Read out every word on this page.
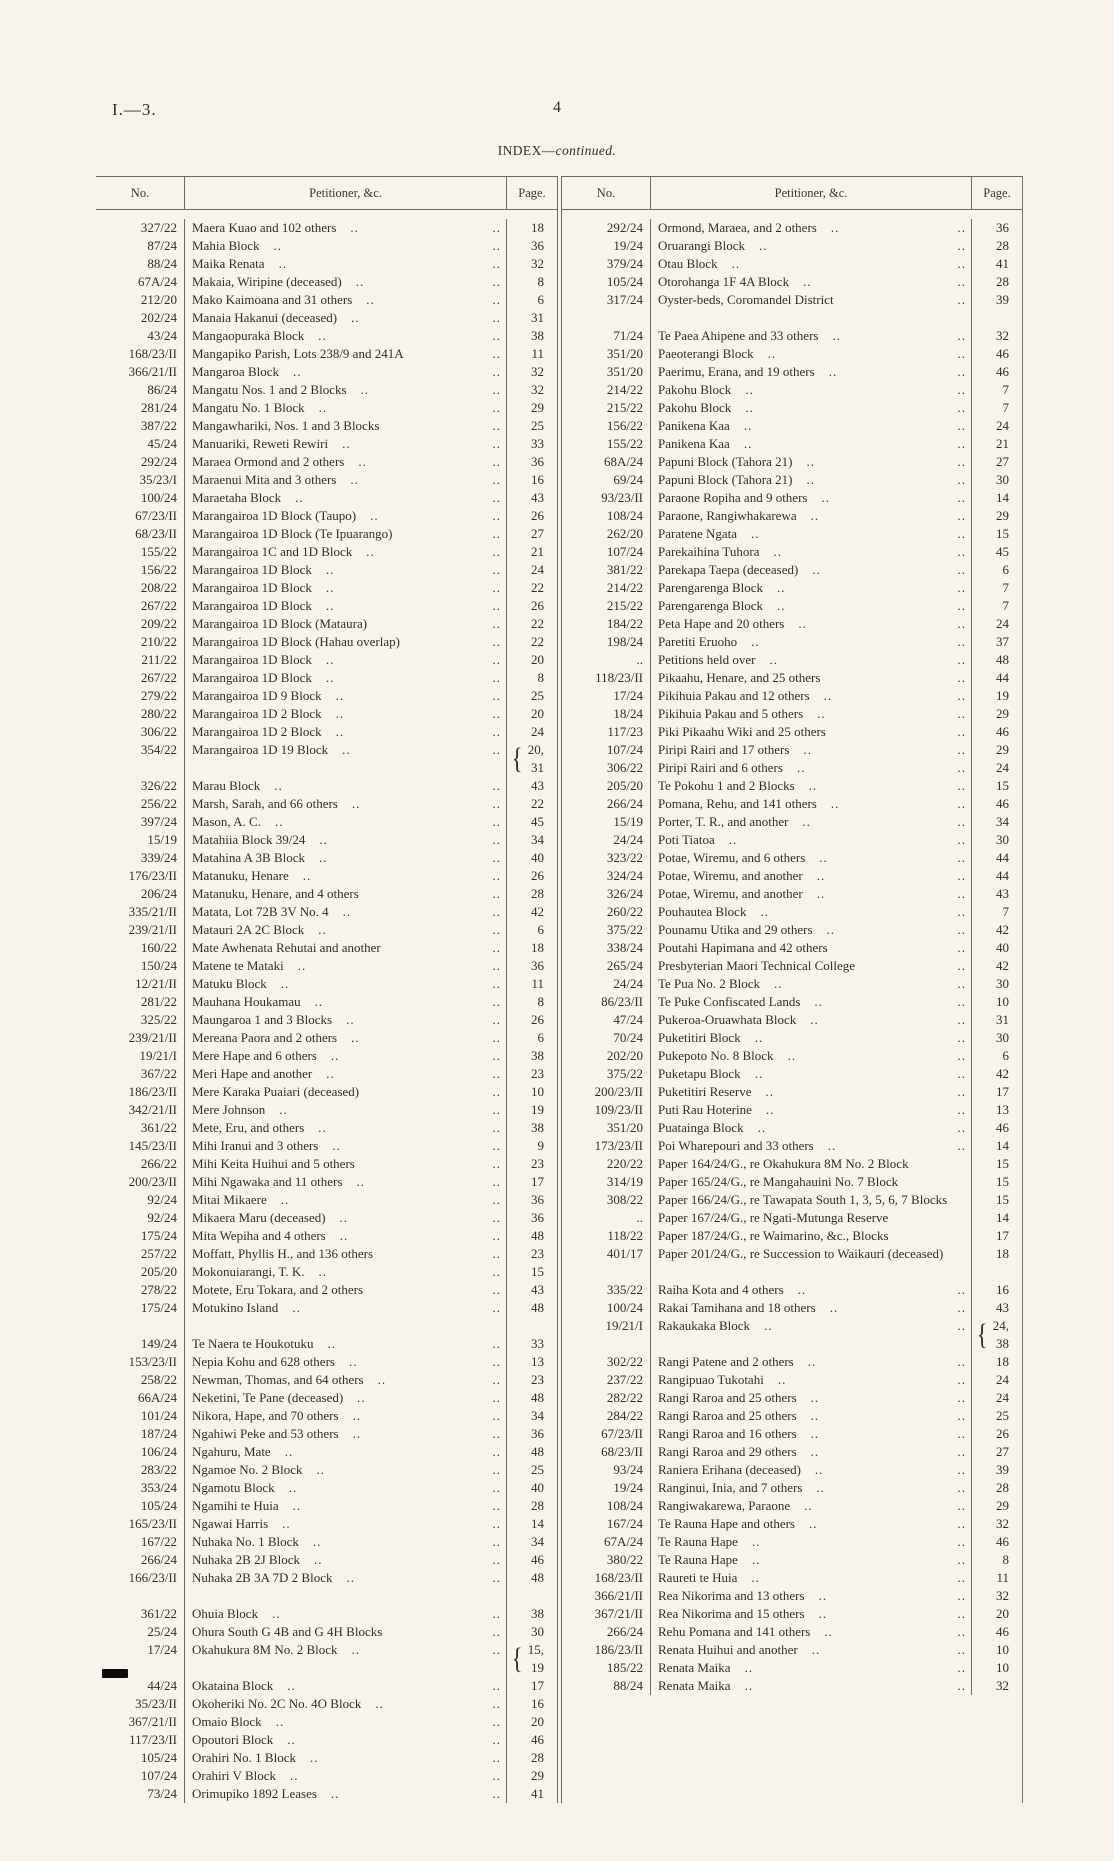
I.—3.	4
INDEX—continued.
No.	Petitioner, &c.	Page.
327/22	Maera Kuao and 102 others ..	..	18
87/24	Mahia Block ..	..	36
88/24	Maika Renata ..	..	32
67A/24	Makaia, Wiripine (deceased) ..	..	8
212/20	Mako Kaimoana and 31 others ..	..	6
202/24	Manaia Hakanui (deceased) ..	..	31
43/24	Mangaopuraka Block ..	..	38
168/23/II	Mangapiko Parish, Lots 238/9 and 241A	..	11
366/21/II	Mangaroa Block ..	..	32
86/24	Mangatu Nos. 1 and 2 Blocks ..	..	32
281/24	Mangatu No. 1 Block ..	..	29
387/22	Mangawhariki, Nos. 1 and 3 Blocks	..	25
45/24	Manuariki, Reweti Rewiri ..	..	33
292/24	Maraea Ormond and 2 others ..	..	36
35/23/I	Maraenui Mita and 3 others ..	..	16
100/24	Maraetaha Block ..	..	43
67/23/II	Marangairoa 1D Block (Taupo) ..	..	26
68/23/II	Marangairoa 1D Block (Te Ipuarango)	..	27
155/22	Marangairoa 1C and 1D Block ..	..	21
156/22	Marangairoa 1D Block ..	..	24
208/22	Marangairoa 1D Block ..	..	22
267/22	Marangairoa 1D Block ..	..	26
209/22	Marangairoa 1D Block (Mataura)	..	22
210/22	Marangairoa 1D Block (Hahau overlap)	..	22
211/22	Marangairoa 1D Block ..	..	20
267/22	Marangairoa 1D Block ..	..	8
279/22	Marangairoa 1D 9 Block ..	..	25
280/22	Marangairoa 1D 2 Block ..	..	20
306/22	Marangairoa 1D 2 Block ..	..	24
354/22	Marangairoa 1D 19 Block ..	.. { 20,
31
326/22	Marau Block ..	..	43
256/22	Marsh, Sarah, and 66 others ..	..	22
397/24	Mason, A. C. ..	..	45
15/19	Matahiia Block 39/24 ..	..	34
339/24	Matahina A 3B Block ..	..	40
176/23/II	Matanuku, Henare ..	..	26
206/24	Matanuku, Henare, and 4 others	..	28
335/21/II	Matata, Lot 72B 3V No. 4 ..	..	42
239/21/II	Matauri 2A 2C Block ..	..	6
160/22	Mate Awhenata Rehutai and another	..	18
150/24	Matene te Mataki ..	..	36
12/21/II	Matuku Block ..	..	11
281/22	Mauhana Houkamau ..	..	8
325/22	Maungaroa 1 and 3 Blocks ..	..	26
239/21/II	Mereana Paora and 2 others ..	..	6
19/21/I	Mere Hape and 6 others ..	..	38
367/22	Meri Hape and another ..	..	23
186/23/II	Mere Karaka Puaiari (deceased)	..	10
342/21/II	Mere Johnson ..	..	19
361/22	Mete, Eru, and others ..	..	38
145/23/II	Mihi Iranui and 3 others ..	..	9
266/22	Mihi Keita Huihui and 5 others	..	23
200/23/II	Mihi Ngawaka and 11 others ..	..	17
92/24	Mitai Mikaere ..	..	36
92/24	Mikaera Maru (deceased) ..	..	36
175/24	Mita Wepiha and 4 others ..	..	48
257/22	Moffatt, Phyllis H., and 136 others	..	23
205/20	Mokonuiarangi, T. K. ..	..	15
278/22	Motete, Eru Tokara, and 2 others	..	43
175/24	Motukino Island ..	..	48
149/24	Te Naera te Houkotuku ..	..	33
153/23/II	Nepia Kohu and 628 others ..	..	13
258/22	Newman, Thomas, and 64 others ..	..	23
66A/24	Neketini, Te Pane (deceased) ..	..	48
101/24	Nikora, Hape, and 70 others ..	..	34
187/24	Ngahiwi Peke and 53 others ..	..	36
106/24	Ngahuru, Mate ..	..	48
283/22	Ngamoe No. 2 Block ..	..	25
353/24	Ngamotu Block ..	..	40
105/24	Ngamihi te Huia ..	..	28
165/23/II	Ngawai Harris ..	..	14
167/22	Nuhaka No. 1 Block ..	..	34
266/24	Nuhaka 2B 2J Block ..	..	46
166/23/II	Nuhaka 2B 3A 7D 2 Block ..	..	48
361/22	Ohuia Block ..	..	38
25/24	Ohura South G 4B and G 4H Blocks	..	30
17/24	Okahukura 8M No. 2 Block ..	.. { 15,
19
44/24	Okataina Block ..	..	17
35/23/II	Okoheriki No. 2C No. 4O Block ..	..	16
367/21/II	Omaio Block ..	..	20
117/23/II	Opoutori Block ..	..	46
105/24	Orahiri No. 1 Block ..	..	28
107/24	Orahiri V Block ..	..	29
73/24	Orimupiko 1892 Leases ..	..	41
No.	Petitioner, &c.	Page.
292/24	Ormond, Maraea, and 2 others ..	..	36
19/24	Oruarangi Block ..	..	28
379/24	Otau Block ..	..	41
105/24	Otorohanga 1F 4A Block ..	..	28
317/24	Oyster-beds, Coromandel District	..	39
71/24	Te Paea Ahipene and 33 others ..	..	32
351/20	Paeoterangi Block ..	..	46
351/20	Paerimu, Erana, and 19 others ..	..	46
214/22	Pakohu Block ..	..	7
215/22	Pakohu Block ..	..	7
156/22	Panikena Kaa ..	..	24
155/22	Panikena Kaa ..	..	21
68A/24	Papuni Block (Tahora 21) ..	..	27
69/24	Papuni Block (Tahora 21) ..	..	30
93/23/II	Paraone Ropiha and 9 others ..	..	14
108/24	Paraone, Rangiwhakarewa ..	..	29
262/20	Paratene Ngata ..	..	15
107/24	Parekaihina Tuhora ..	..	45
381/22	Parekapa Taepa (deceased) ..	..	6
214/22	Parengarenga Block ..	..	7
215/22	Parengarenga Block ..	..	7
184/22	Peta Hape and 20 others ..	..	24
198/24	Paretiti Eruoho ..	..	37
..	Petitions held over ..	..	48
118/23/II	Pikaahu, Henare, and 25 others	..	44
17/24	Pikihuia Pakau and 12 others ..	..	19
18/24	Pikihuia Pakau and 5 others ..	..	29
117/23	Piki Pikaahu Wiki and 25 others	..	46
107/24	Piripi Rairi and 17 others ..	..	29
306/22	Piripi Rairi and 6 others ..	..	24
205/20	Te Pokohu 1 and 2 Blocks ..	..	15
266/24	Pomana, Rehu, and 141 others ..	..	46
15/19	Porter, T. R., and another ..	..	34
24/24	Poti Tiatoa ..	..	30
323/22	Potae, Wiremu, and 6 others ..	..	44
324/24	Potae, Wiremu, and another ..	..	44
326/24	Potae, Wiremu, and another ..	..	43
260/22	Pouhautea Block ..	..	7
375/22	Pounamu Utika and 29 others ..	..	42
338/24	Poutahi Hapimana and 42 others	..	40
265/24	Presbyterian Maori Technical College	..	42
24/24	Te Pua No. 2 Block ..	..	30
86/23/II	Te Puke Confiscated Lands ..	..	10
47/24	Pukeroa-Oruawhata Block ..	..	31
70/24	Puketitiri Block ..	..	30
202/20	Pukepoto No. 8 Block ..	..	6
375/22	Puketapu Block ..	..	42
200/23/II	Puketitiri Reserve ..	..	17
109/23/II	Puti Rau Hoterine ..	..	13
351/20	Puatainga Block ..	..	46
173/23/II	Poi Wharepouri and 33 others ..	..	14
220/22	Paper 164/24/G., re Okahukura 8M No. 2 Block	15
314/19	Paper 165/24/G., re Mangahauini No. 7 Block	15
308/22	Paper 166/24/G., re Tawapata South 1, 3, 5, 6, 7 Blocks	15
..	Paper 167/24/G., re Ngati-Mutunga Reserve	14
118/22	Paper 187/24/G., re Waimarino, &c., Blocks	17
401/17	Paper 201/24/G., re Succession to Waikauri (deceased)	18
335/22	Raiha Kota and 4 others ..	..	16
100/24	Rakai Tamihana and 18 others ..	..	43
19/21/I	Rakaukaka Block ..	.. { 24,
38
302/22	Rangi Patene and 2 others ..	..	18
237/22	Rangipuao Tukotahi ..	..	24
282/22	Rangi Raroa and 25 others ..	..	24
284/22	Rangi Raroa and 25 others ..	..	25
67/23/II	Rangi Raroa and 16 others ..	..	26
68/23/II	Rangi Raroa and 29 others ..	..	27
93/24	Raniera Erihana (deceased) ..	..	39
19/24	Ranginui, Inia, and 7 others ..	..	28
108/24	Rangiwakarewa, Paraone ..	..	29
167/24	Te Rauna Hape and others ..	..	32
67A/24	Te Rauna Hape ..	..	46
380/22	Te Rauna Hape ..	..	8
168/23/II	Raureti te Huia ..	..	11
366/21/II	Rea Nikorima and 13 others ..	..	32
367/21/II	Rea Nikorima and 15 others ..	..	20
266/24	Rehu Pomana and 141 others ..	..	46
186/23/II	Renata Huihui and another ..	..	10
185/22	Renata Maika ..	..	10
88/24	Renata Maika ..	..	32
